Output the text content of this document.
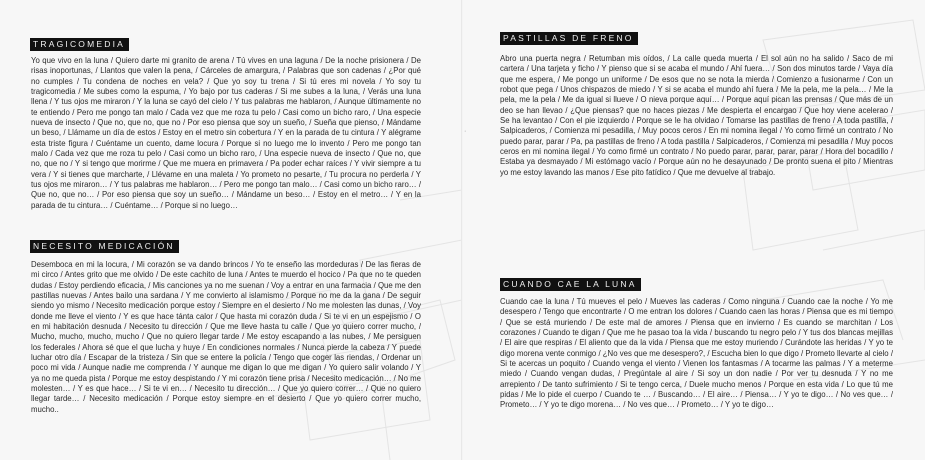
TRAGICOMEDIA

Yo que vivo en la luna / Quiero darte mi granito de arena / Tú vives en una laguna / De la noche prisionera / De risas inoportunas, / Llantos que valen la pena, / Cárceles de amargura, / Palabras que son cadenas / ¿Por qué no cumples / Tu condena de noches en vela? / Que yo soy tu trena / Si tú eres mi novela / Yo soy tu tragicomedia / Me subes como la espuma, / Yo bajo por tus caderas / Si me subes a la luna, / Verás una luna llena / Y tus ojos me miraron / Y la luna se cayó del cielo / Y tus palabras me hablaron, / Aunque últimamente no te entiendo / Pero me pongo tan malo / Cada vez que me roza tu pelo / Casi como un bicho raro, / Una especie nueva de insecto / Que no, que no, que no / Por eso piensa que soy un sueño, / Sueña que pienso, / Mándame un beso, / Llámame un día de estos / Estoy en el metro sin cobertura / Y en la parada de tu cintura / Y alégrame esta triste figura / Cuéntame un cuento, dame locura / Porque si no luego me lo invento / Pero me pongo tan malo / Cada vez que me roza tu pelo / Casi como un bicho raro, / Una especie nueva de insecto / Que no, que no, que no / Y si tengo que morirme / Que me muera en primavera / Pa poder echar raíces / Y vivir siempre a tu vera / Y si tienes que marcharte, / Llévame en una maleta / Yo prometo no pesarte, / Tu procura no perderla / Y tus ojos me miraron… / Y tus palabras me hablaron… / Pero me pongo tan malo… / Casi como un bicho raro… / Que no, que no… / Por eso piensa que soy un sueño… / Mándame un beso… / Estoy en el metro… / Y en la parada de tu cintura… / Cuéntame… / Porque si no luego…

NECESITO MEDICACIÓN

Desemboca en mi la locura, / Mi corazón se va dando brincos / Yo te enseño las mordeduras / De las fieras de mi circo / Antes grito que me olvido / De este cachito de luna / Antes te muerdo el hocico / Pa que no te queden dudas / Estoy perdiendo eficacia, / Mis canciones ya no me suenan / Voy a entrar en una farmacia / Que me den pastillas nuevas / Antes bailo una sardana / Y me convierto al islamismo / Porque no me da la gana / De seguir siendo yo mismo / Necesito medicación porque estoy / Siempre en el desierto / No me molesten las dunas, / Voy donde me lleve el viento / Y es que hace tánta calor / Que hasta mi corazón duda / Si te vi en un espejismo / O en mi habitación desnuda / Necesito tu dirección / Que me lleve hasta tu calle / Que yo quiero correr mucho, / Mucho, mucho, mucho, mucho / Que no quiero llegar tarde / Me estoy escapando a las nubes, / Me persiguen los federales / Ahora sé que el que lucha y huye / En condiciones normales / Nunca pierde la cabeza / Y puede luchar otro día / Escapar de la tristeza / Sin que se entere la policía / Tengo que coger las riendas, / Ordenar un poco mi vida / Aunque nadie me comprenda / Y aunque me digan lo que me digan / Yo quiero salir volando / Y ya no me queda pista / Porque me estoy despistando / Y mi corazón tiene prisa / Necesito medicación… / No me molesten… / Y es que hace… / Si te vi en… / Necesito tu dirección… / Que yo quiero correr… / Que no quiero llegar tarde… / Necesito medicación / Porque estoy siempre en el desierto / Que yo quiero correr mucho, mucho..

·
PASTILLAS DE FRENO

Abro una puerta negra / Retumban mis oídos, / La calle queda muerta / El sol aún no ha salido / Saco de mi cartera / Una tarjeta y ficho / Y pienso que si se acaba el mundo / Ahí fuera… / Son dos minutos tarde / Vaya día que me espera, / Me pongo un uniforme / De esos que no se nota la mierda / Comienzo a fusionarme / Con un robot que pega / Unos chispazos de miedo / Y si se acaba el mundo ahí fuera / Me la pela, me la pela… / Me la pela, me la pela / Me da igual si llueve / O nieva porque aquí… / Porque aquí pican las prensas / Que más de un deo se han llevao / ¿Que piensas? que no haces piezas / Me despierta el encargao / Que hoy viene acelerao / Se ha levantao / Con el pie izquierdo / Porque se le ha olvidao / Tomarse las pastillas de freno / A toda pastilla, / Salpicaderos, / Comienza mi pesadilla, / Muy pocos ceros / En mi nomina ilegal / Yo como firmé un contrato / No puedo parar, parar / Pa, pa pastillas de freno / A toda pastilla / Salpicaderos, / Comienza mi pesadilla / Muy pocos ceros en mi nomina ilegal / Yo como firmé un contrato / No puedo parar, parar, parar, parar / Hora del bocadillo / Estaba ya desmayado / Mi estómago vacío / Porque aún no he desayunado / De pronto suena el pito / Mientras yo me estoy lavando las manos / Ese pito fatídico / Que me devuelve al trabajo.

CUANDO CAE LA LUNA

Cuando cae la luna / Tú mueves el pelo / Mueves las caderas / Como ninguna / Cuando cae la noche / Yo me desespero / Tengo que encontrarte / O me entran los dolores / Cuando caen las horas / Piensa que es mi tiempo / Que se está muriendo / De este mal de amores / Piensa que en invierno / Es cuando se marchitan / Los corazones / Cuando te digan / Que me he pasao toa la vida / buscando tu negro pelo / Y tus dos blancas mejillas / El aire que respiras / El aliento que da la vida / Piensa que me estoy muriendo / Curándote las heridas / Y yo te digo morena vente conmigo / ¿No ves que me desespero?, / Escucha bien lo que digo / Prometo llevarte al cielo / Si te acercas un poquito / Cuando venga el viento / Vienen los fantasmas / A tocarme las palmas / Y a meterme miedo / Cuando vengan dudas, / Pregúntale al aire / Si soy un don nadie / Por ver tu desnuda / Y no me arrepiento / De tanto sufrimiento / Si te tengo cerca, / Duele mucho menos / Porque en esta vida / Lo que tú me pidas / Me lo pide el cuerpo / Cuando te … / Buscando… / El aire… / Piensa… / Y yo te digo… / No ves que… / Prometo… / Y yo te digo morena… / No ves que… / Prometo… / Y yo te digo…
